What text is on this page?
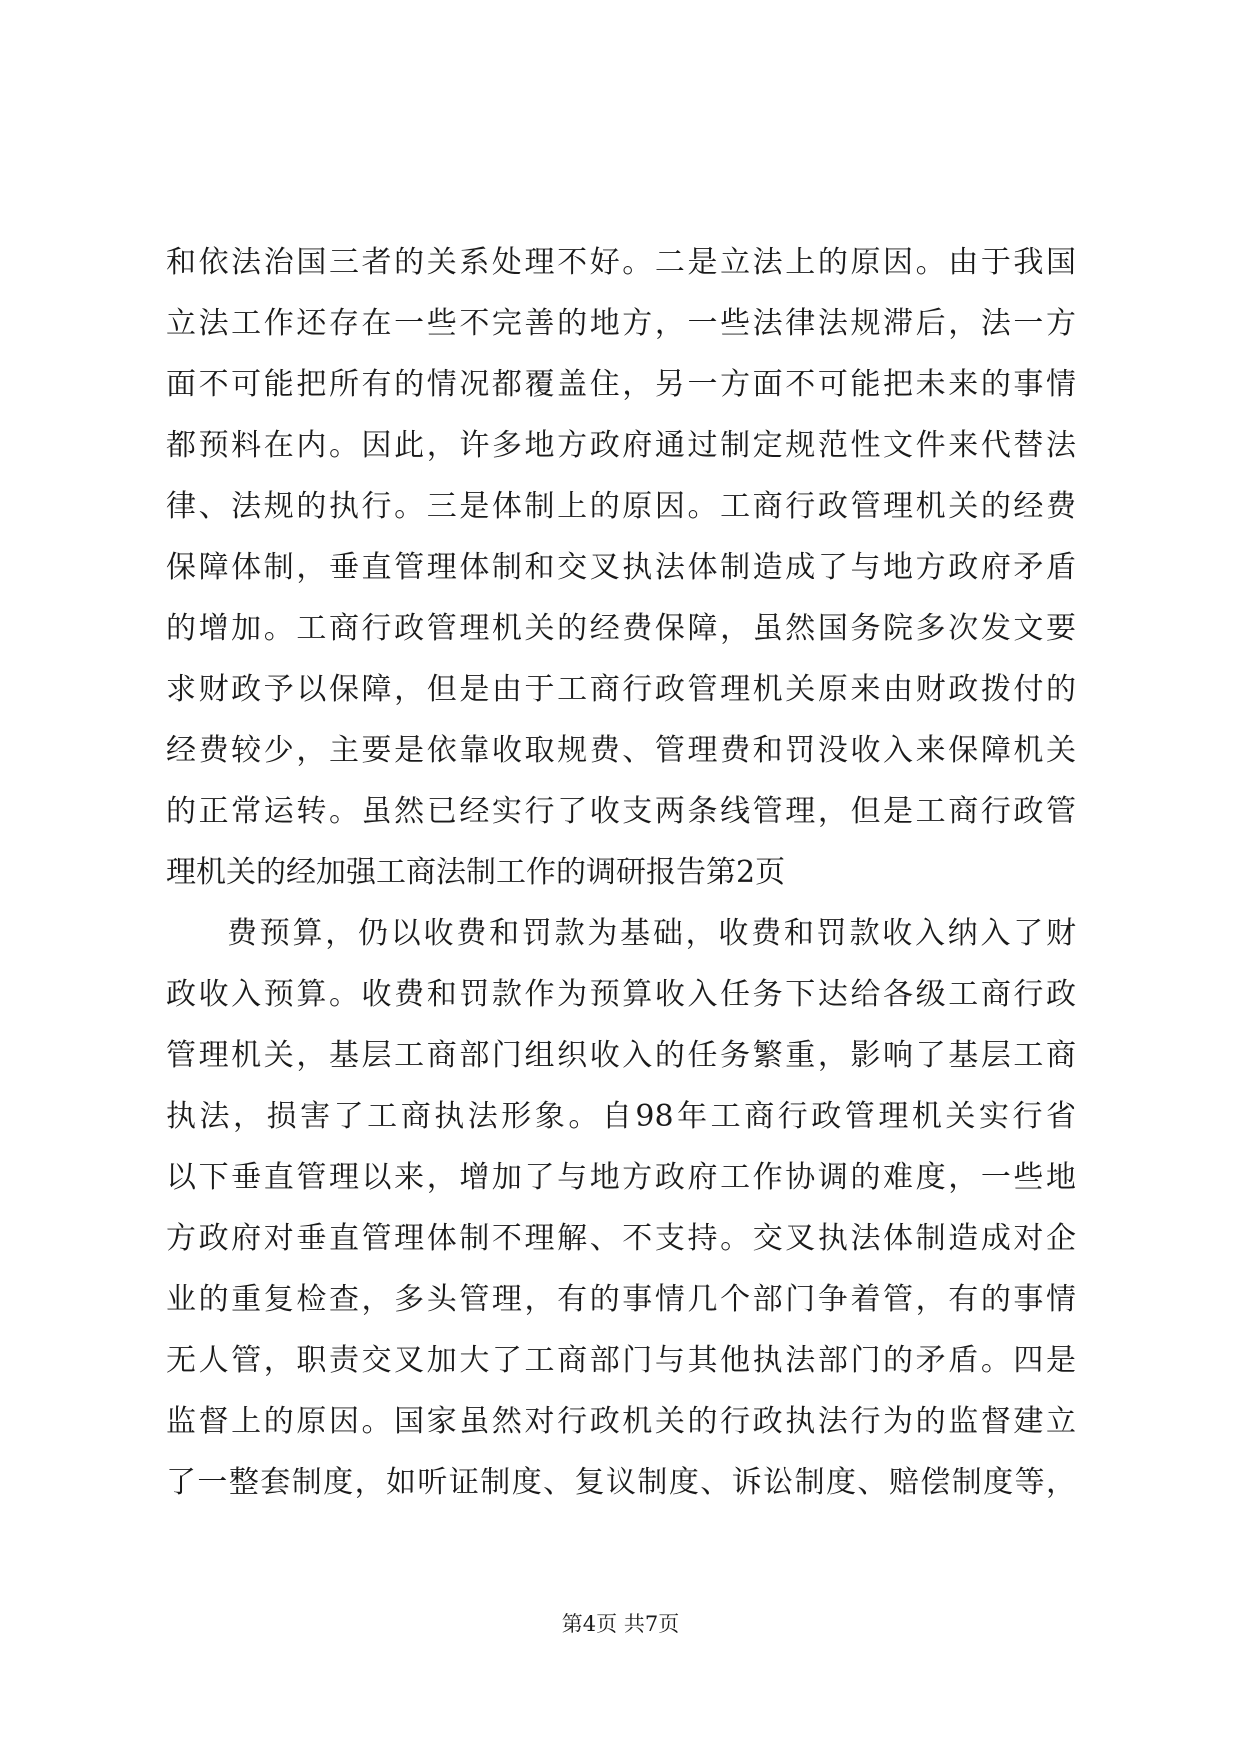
和依法治国三者的关系处理不好。二是立法上的原因。由于我国
立法工作还存在一些不完善的地方，一些法律法规滞后，法一方
面不可能把所有的情况都覆盖住，另一方面不可能把未来的事情
都预料在内。因此，许多地方政府通过制定规范性文件来代替法
律、法规的执行。三是体制上的原因。工商行政管理机关的经费
保障体制，垂直管理体制和交叉执法体制造成了与地方政府矛盾
的增加。工商行政管理机关的经费保障，虽然国务院多次发文要
求财政予以保障，但是由于工商行政管理机关原来由财政拨付的
经费较少，主要是依靠收取规费、管理费和罚没收入来保障机关
的正常运转。虽然已经实行了收支两条线管理，但是工商行政管
理机关的经加强工商法制工作的调研报告第2页
费预算，仍以收费和罚款为基础，收费和罚款收入纳入了财
政收入预算。收费和罚款作为预算收入任务下达给各级工商行政
管理机关，基层工商部门组织收入的任务繁重，影响了基层工商
执法，损害了工商执法形象。自98年工商行政管理机关实行省
以下垂直管理以来，增加了与地方政府工作协调的难度，一些地
方政府对垂直管理体制不理解、不支持。交叉执法体制造成对企
业的重复检查，多头管理，有的事情几个部门争着管，有的事情
无人管，职责交叉加大了工商部门与其他执法部门的矛盾。四是
监督上的原因。国家虽然对行政机关的行政执法行为的监督建立
了一整套制度，如听证制度、复议制度、诉讼制度、赔偿制度等，
第4页 共7页
